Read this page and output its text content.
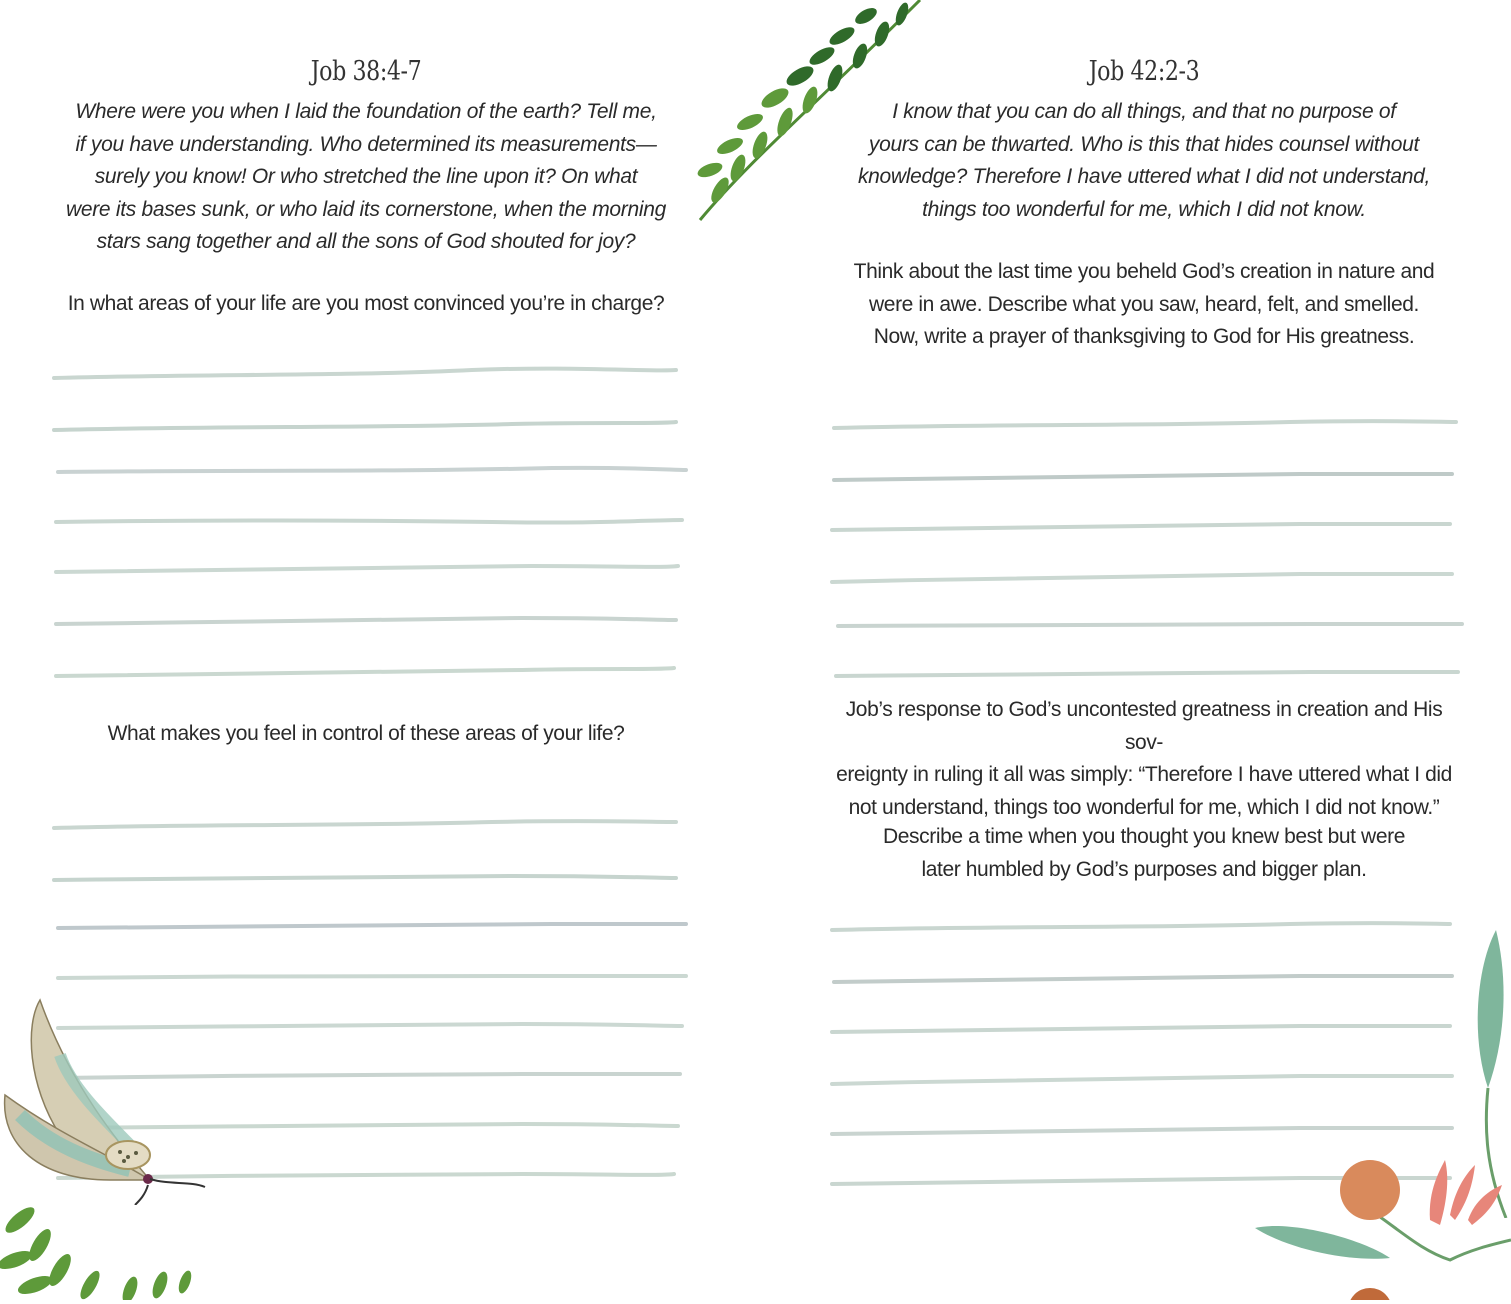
Job 38:4-7
Where were you when I laid the foundation of the earth? Tell me,
if you have understanding. Who determined its measurements—
surely you know! Or who stretched the line upon it? On what
were its bases sunk, or who laid its cornerstone, when the morning
stars sang together and all the sons of God shouted for joy?
In what areas of your life are you most convinced you’re in charge?
What makes you feel in control of these areas of your life?
Job 42:2-3
I know that you can do all things, and that no purpose of
yours can be thwarted. Who is this that hides counsel without
knowledge? Therefore I have uttered what I did not understand,
things too wonderful for me, which I did not know.
Think about the last time you beheld God’s creation in nature and
were in awe. Describe what you saw, heard, felt, and smelled.
Now, write a prayer of thanksgiving to God for His greatness.
Job’s response to God’s uncontested greatness in creation and His sov-
ereignty in ruling it all was simply: “Therefore I have uttered what I did
not understand, things too wonderful for me, which I did not know.”
Describe a time when you thought you knew best but were
later humbled by God’s purposes and bigger plan.
